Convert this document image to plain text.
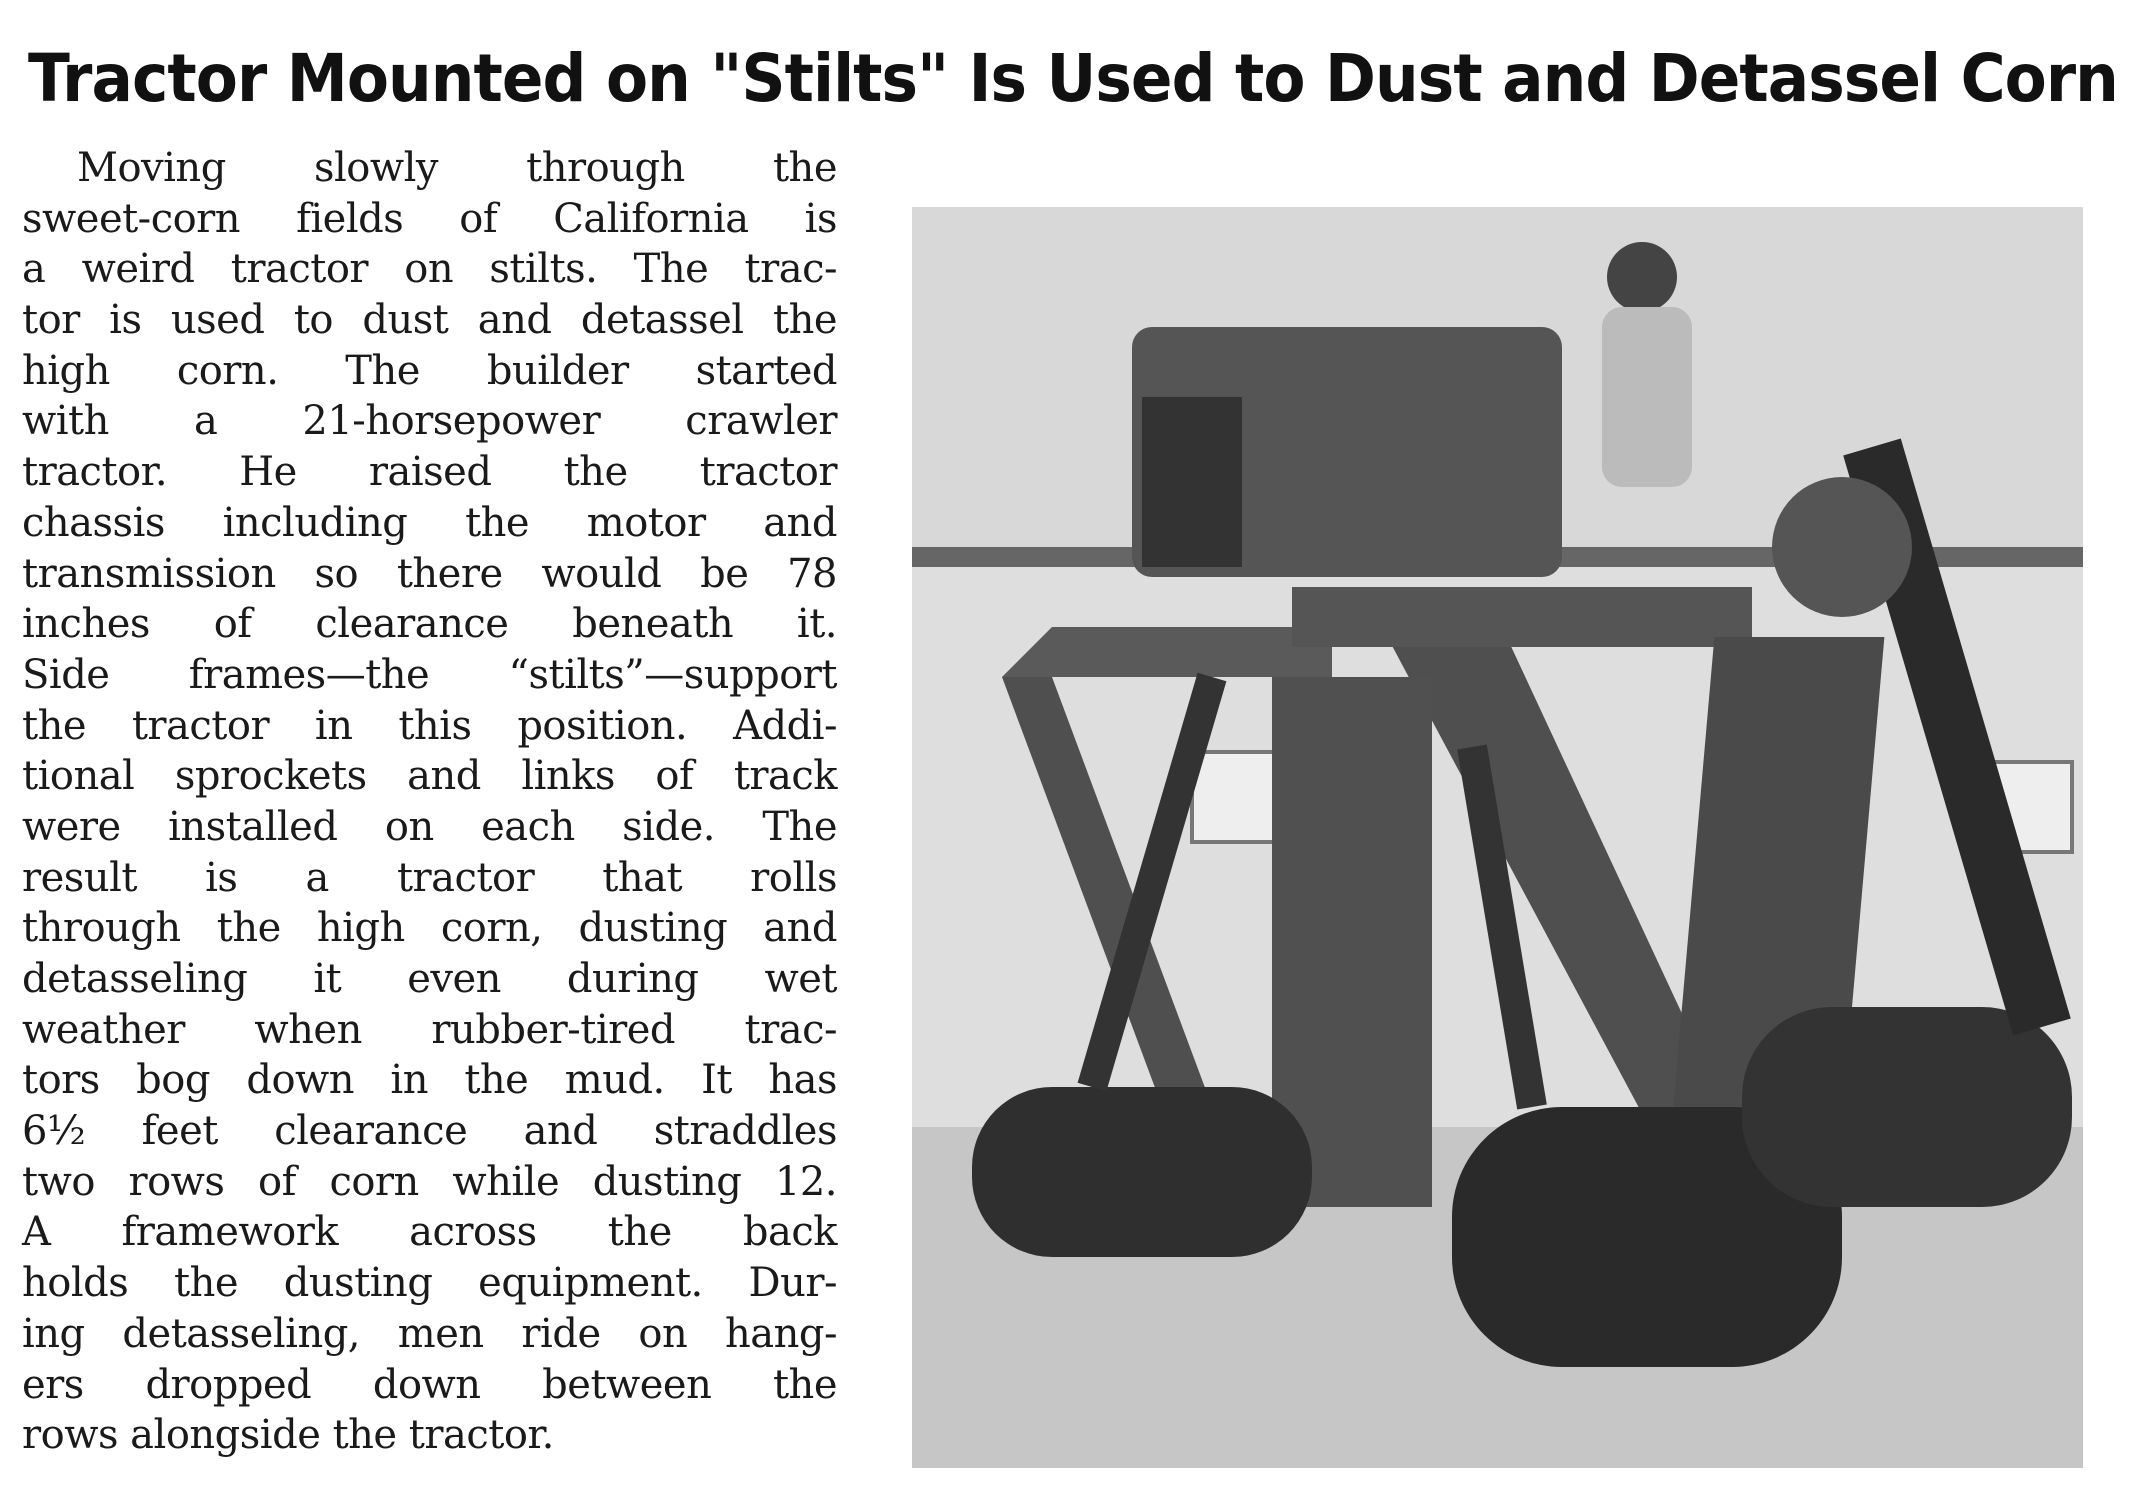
Tractor Mounted on "Stilts" Is Used to Dust and Detassel Corn
Moving slowly through the
sweet-corn fields of California is
a weird tractor on stilts. The trac-
tor is used to dust and detassel the
high corn. The builder started
with a 21-horsepower crawler
tractor. He raised the tractor
chassis including the motor and
transmission so there would be 78
inches of clearance beneath it.
Side frames—the “stilts”—support
the tractor in this position. Addi-
tional sprockets and links of track
were installed on each side. The
result is a tractor that rolls
through the high corn, dusting and
detasseling it even during wet
weather when rubber-tired trac-
tors bog down in the mud. It has
6½ feet clearance and straddles
two rows of corn while dusting 12.
A framework across the back
holds the dusting equipment. Dur-
ing detasseling, men ride on hang-
ers dropped down between the
rows alongside the tractor.
